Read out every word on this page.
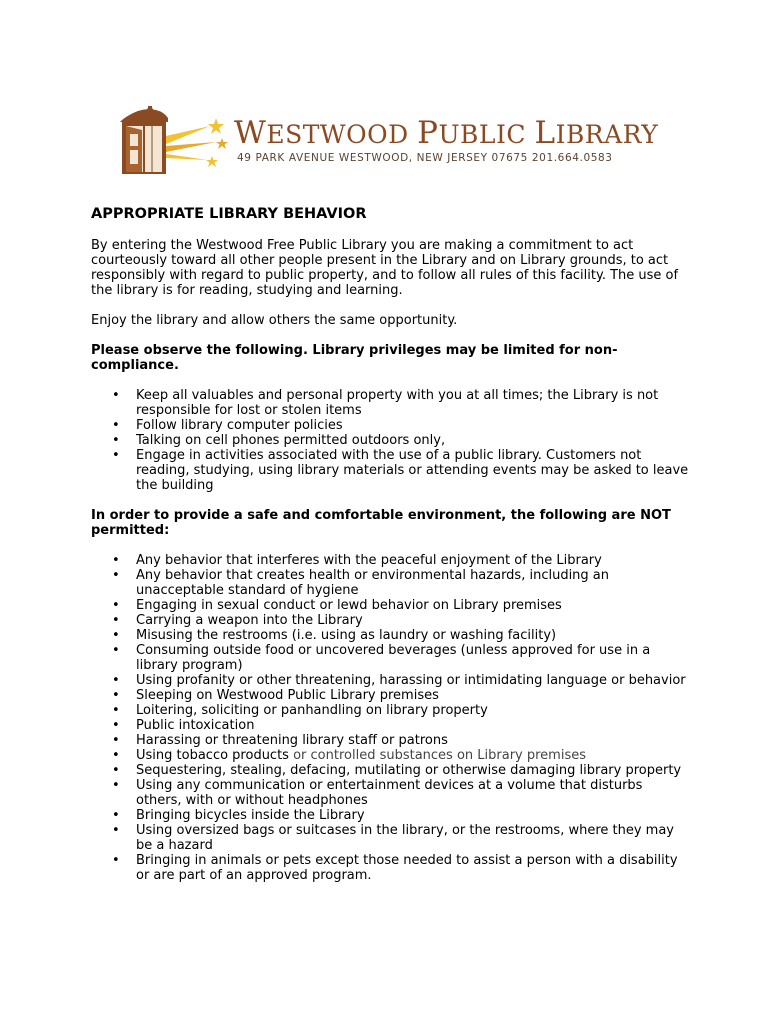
WESTWOOD PUBLIC LIBRARY
49 PARK AVENUE WESTWOOD, NEW JERSEY 07675 201.664.0583
APPROPRIATE LIBRARY BEHAVIOR

By entering the Westwood Free Public Library you are making a commitment to act courteously toward all other people present in the Library and on Library grounds, to act responsibly with regard to public property, and to follow all rules of this facility. The use of the library is for reading, studying and learning.

Enjoy the library and allow others the same opportunity.

Please observe the following. Library privileges may be limited for non-compliance.

• Keep all valuables and personal property with you at all times; the Library is not responsible for lost or stolen items
• Follow library computer policies
• Talking on cell phones permitted outdoors only,
• Engage in activities associated with the use of a public library. Customers not reading, studying, using library materials or attending events may be asked to leave the building

In order to provide a safe and comfortable environment, the following are NOT permitted:

• Any behavior that interferes with the peaceful enjoyment of the Library
• Any behavior that creates health or environmental hazards, including an unacceptable standard of hygiene
• Engaging in sexual conduct or lewd behavior on Library premises
• Carrying a weapon into the Library
• Misusing the restrooms (i.e. using as laundry or washing facility)
• Consuming outside food or uncovered beverages (unless approved for use in a library program)
• Using profanity or other threatening, harassing or intimidating language or behavior
• Sleeping on Westwood Public Library premises
• Loitering, soliciting or panhandling on library property
• Public intoxication
• Harassing or threatening library staff or patrons
• Using tobacco products or controlled substances on Library premises
• Sequestering, stealing, defacing, mutilating or otherwise damaging library property
• Using any communication or entertainment devices at a volume that disturbs others, with or without headphones
• Bringing bicycles inside the Library
• Using oversized bags or suitcases in the library, or the restrooms, where they may be a hazard
• Bringing in animals or pets except those needed to assist a person with a disability or are part of an approved program.
